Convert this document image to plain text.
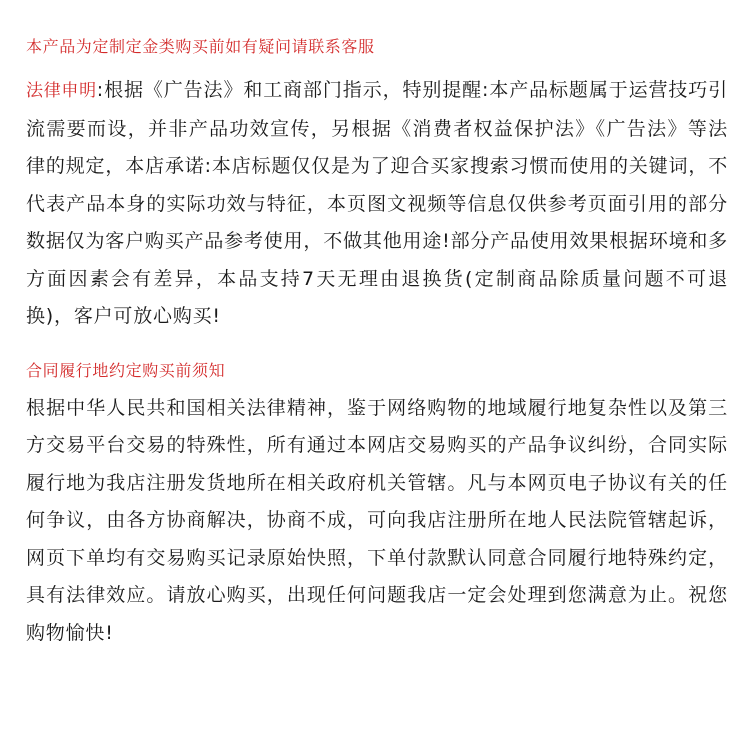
本产品为定制定金类购买前如有疑问请联系客服

法律申明:根据《广告法》和工商部门指示，特别提醒:本产品标题属于运营技巧引流需要而设，并非产品功效宣传，另根据《消费者权益保护法》《广告法》等法律的规定，本店承诺:本店标题仅仅是为了迎合买家搜索习惯而使用的关键词，不代表产品本身的实际功效与特征，本页图文视频等信息仅供参考页面引用的部分数据仅为客户购买产品参考使用，不做其他用途!部分产品使用效果根据环境和多方面因素会有差异，本品支持7天无理由退换货(定制商品除质量问题不可退换)，客户可放心购买!

合同履行地约定购买前须知

根据中华人民共和国相关法律精神，鉴于网络购物的地域履行地复杂性以及第三方交易平台交易的特殊性，所有通过本网店交易购买的产品争议纠纷，合同实际履行地为我店注册发货地所在相关政府机关管辖。凡与本网页电子协议有关的任何争议，由各方协商解决，协商不成，可向我店注册所在地人民法院管辖起诉，网页下单均有交易购买记录原始快照，下单付款默认同意合同履行地特殊约定，具有法律效应。请放心购买，出现任何问题我店一定会处理到您满意为止。祝您购物愉快!
